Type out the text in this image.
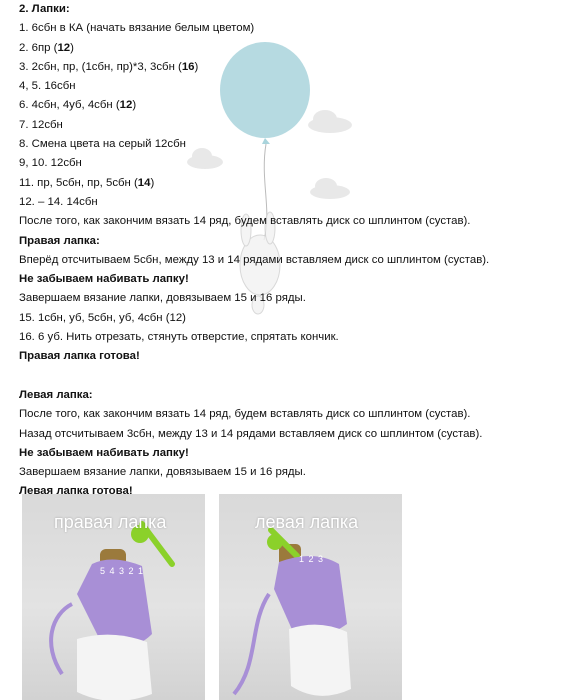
2. Лапки:
1. 6сбн в КА (начать вязание белым цветом)
2. 6пр (12)
3. 2сбн, пр, (1сбн, пр)*3, 3сбн (16)
4, 5. 16сбн
6. 4сбн, 4уб, 4сбн (12)
7. 12сбн
8. Смена цвета на серый 12сбн
9, 10. 12сбн
11. пр, 5сбн, пр, 5сбн (14)
12. – 14. 14сбн
После того, как закончим вязать 14 ряд, будем вставлять диск со шплинтом (сустав).
Правая лапка:
Вперёд отсчитываем 5сбн, между 13 и 14 рядами вставляем диск со шплинтом (сустав).
Не забываем набивать лапку!
Завершаем вязание лапки, довязываем 15 и 16 ряды.
15. 1сбн, уб, 5сбн, уб, 4сбн (12)
16. 6 уб. Нить отрезать, стянуть отверстие, спрятать кончик.
Правая лапка готова!
Левая лапка:
После того, как закончим вязать 14 ряд, будем вставлять диск со шплинтом (сустав).
Назад отсчитываем 3сбн, между 13 и 14 рядами вставляем диск со шплинтом (сустав).
Не забываем набивать лапку!
Завершаем вязание лапки, довязываем 15 и 16 ряды.
Левая лапка готова!
правая лапка
5 4 3 2 1
левая лапка
1 2 3
